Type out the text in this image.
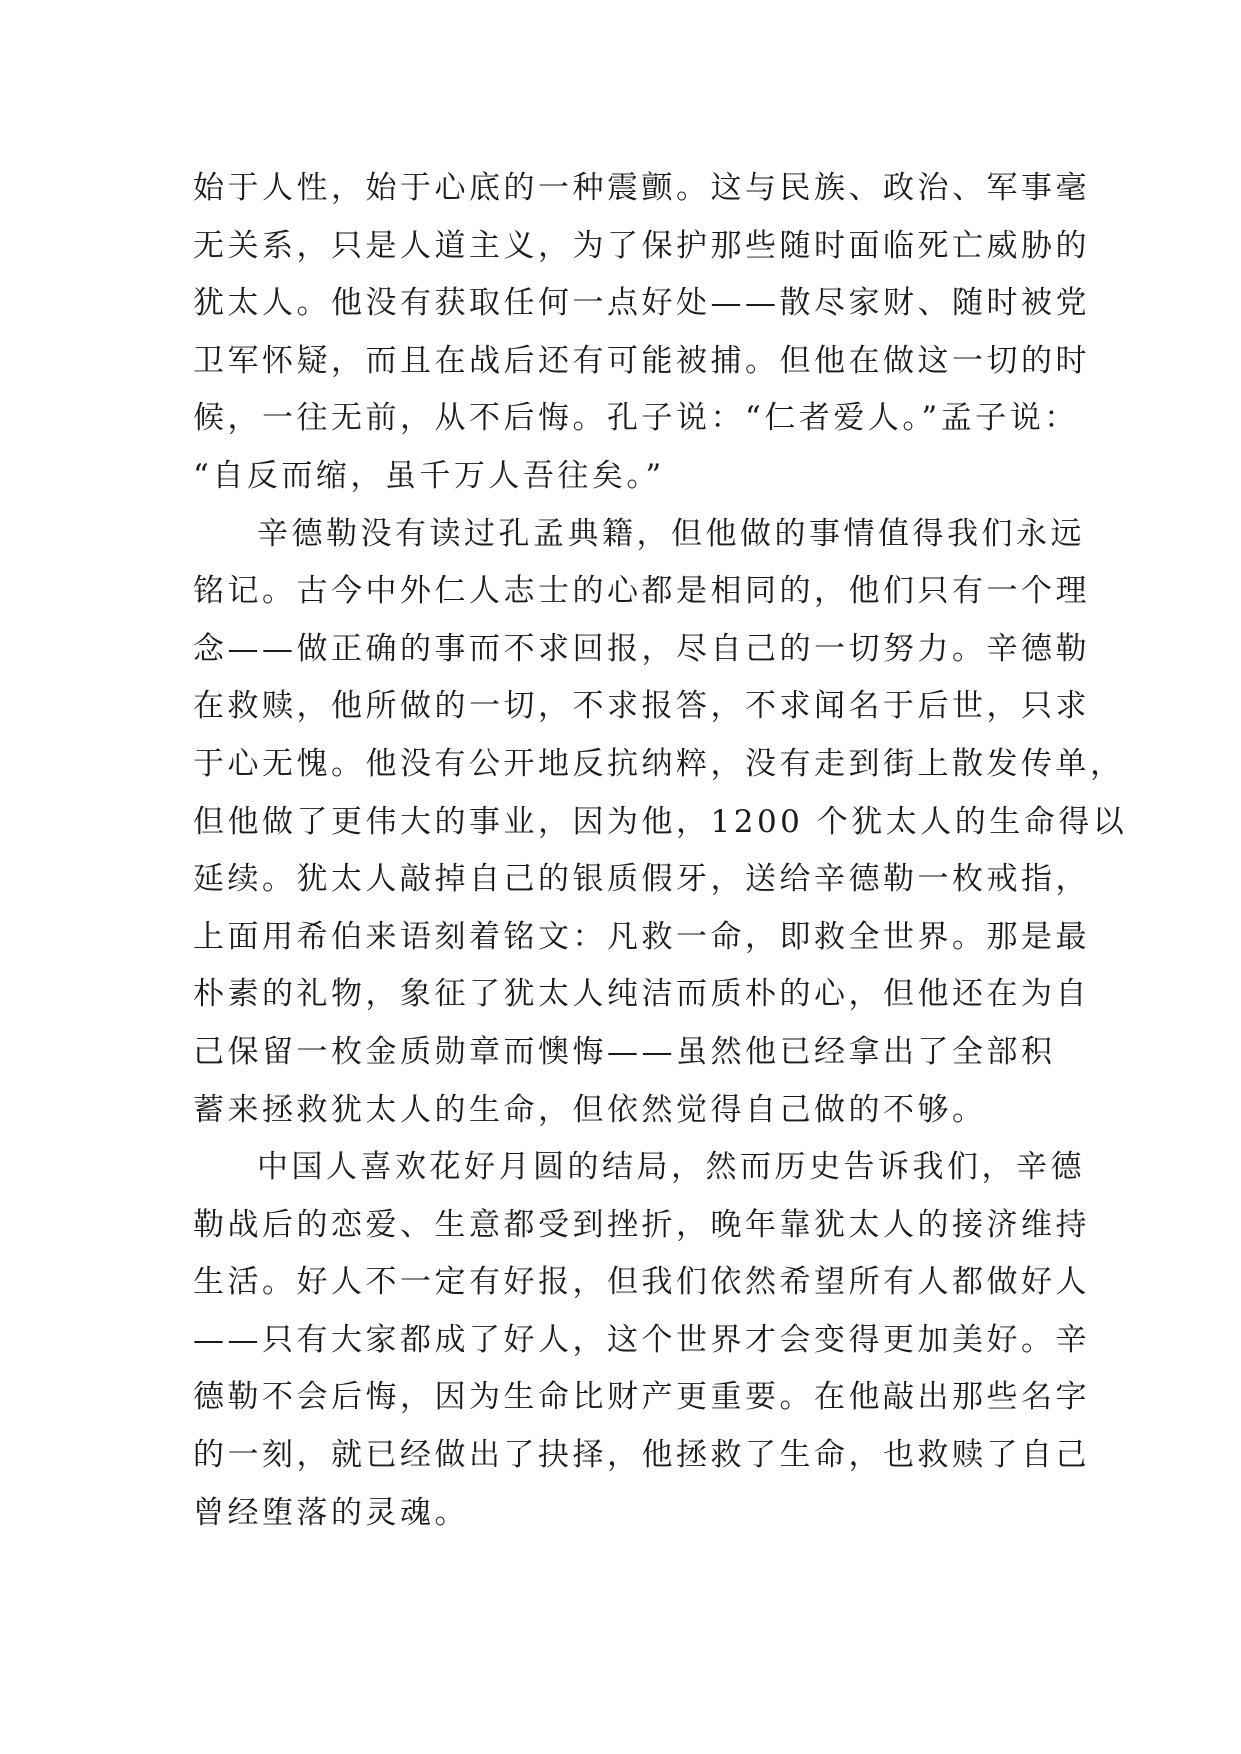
始于人性，始于心底的一种震颤。这与民族、政治、军事毫
无关系，只是人道主义，为了保护那些随时面临死亡威胁的
犹太人。他没有获取任何一点好处——散尽家财、随时被党
卫军怀疑，而且在战后还有可能被捕。但他在做这一切的时
候，一往无前，从不后悔。孔子说：“仁者爱人。”孟子说：
“自反而缩，虽千万人吾往矣。”
辛德勒没有读过孔孟典籍，但他做的事情值得我们永远
铭记。古今中外仁人志士的心都是相同的，他们只有一个理
念——做正确的事而不求回报，尽自己的一切努力。辛德勒
在救赎，他所做的一切，不求报答，不求闻名于后世，只求
于心无愧。他没有公开地反抗纳粹，没有走到街上散发传单，
但他做了更伟大的事业，因为他，1200 个犹太人的生命得以
延续。犹太人敲掉自己的银质假牙，送给辛德勒一枚戒指，
上面用希伯来语刻着铭文：凡救一命，即救全世界。那是最
朴素的礼物，象征了犹太人纯洁而质朴的心，但他还在为自
己保留一枚金质勋章而懊悔——虽然他已经拿出了全部积
蓄来拯救犹太人的生命，但依然觉得自己做的不够。
中国人喜欢花好月圆的结局，然而历史告诉我们，辛德
勒战后的恋爱、生意都受到挫折，晚年靠犹太人的接济维持
生活。好人不一定有好报，但我们依然希望所有人都做好人
——只有大家都成了好人，这个世界才会变得更加美好。辛
德勒不会后悔，因为生命比财产更重要。在他敲出那些名字
的一刻，就已经做出了抉择，他拯救了生命，也救赎了自己
曾经堕落的灵魂。
